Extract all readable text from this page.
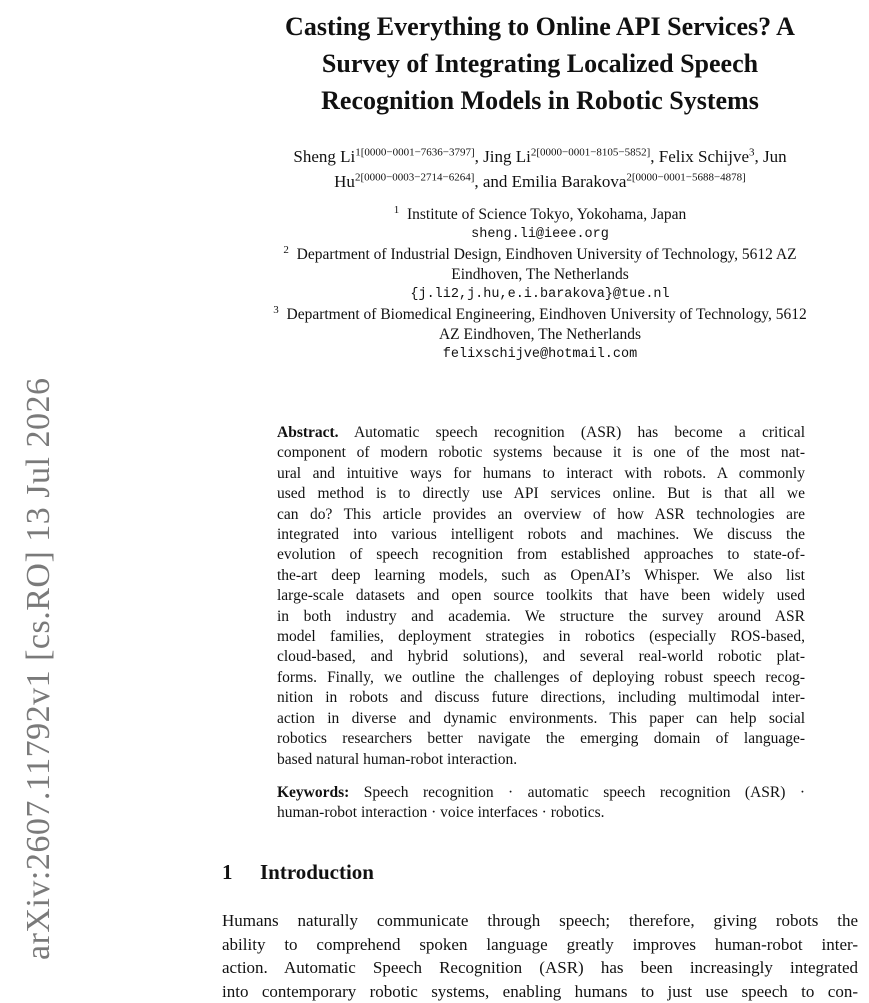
arXiv:2607.11792v1 [cs.RO] 13 Jul 2026
Casting Everything to Online API Services? A
Survey of Integrating Localized Speech
Recognition Models in Robotic Systems
Sheng $Li^{1[0000-0001-7636-3797]}$, Jing $Li^{2[0000-0001-8105-5852]}$, Felix Schijve$^3$, Jun
$Hu^{2[0000-0003-2714-6264]}$, and Emilia Barakova$^{2[0000-0001-5688-4878]}$
$^1$ Institute of Science Tokyo, Yokohama, Japan
sheng.li@ieee.org
$^2$ Department of Industrial Design, Eindhoven University of Technology, 5612 AZ
Eindhoven, The Netherlands
{j.li2,j.hu,e.i.barakova}@tue.nl
$^3$ Department of Biomedical Engineering, Eindhoven University of Technology, 5612
AZ Eindhoven, The Netherlands
felixschijve@hotmail.com
Abstract. Automatic speech recognition (ASR) has become a critical
component of modern robotic systems because it is one of the most nat-
ural and intuitive ways for humans to interact with robots. A commonly
used method is to directly use API services online. But is that all we
can do? This article provides an overview of how ASR technologies are
integrated into various intelligent robots and machines. We discuss the
evolution of speech recognition from established approaches to state-of-
the-art deep learning models, such as OpenAI’s Whisper. We also list
large-scale datasets and open source toolkits that have been widely used
in both industry and academia. We structure the survey around ASR
model families, deployment strategies in robotics (especially ROS-based,
cloud-based, and hybrid solutions), and several real-world robotic plat-
forms. Finally, we outline the challenges of deploying robust speech recog-
nition in robots and discuss future directions, including multimodal inter-
action in diverse and dynamic environments. This paper can help social
robotics researchers better navigate the emerging domain of language-
based natural human-robot interaction.
Keywords: Speech recognition · automatic speech recognition (ASR) ·
human-robot interaction · voice interfaces · robotics.
1 Introduction
Humans naturally communicate through speech; therefore, giving robots the
ability to comprehend spoken language greatly improves human-robot inter-
action. Automatic Speech Recognition (ASR) has been increasingly integrated
into contemporary robotic systems, enabling humans to just use speech to con-
